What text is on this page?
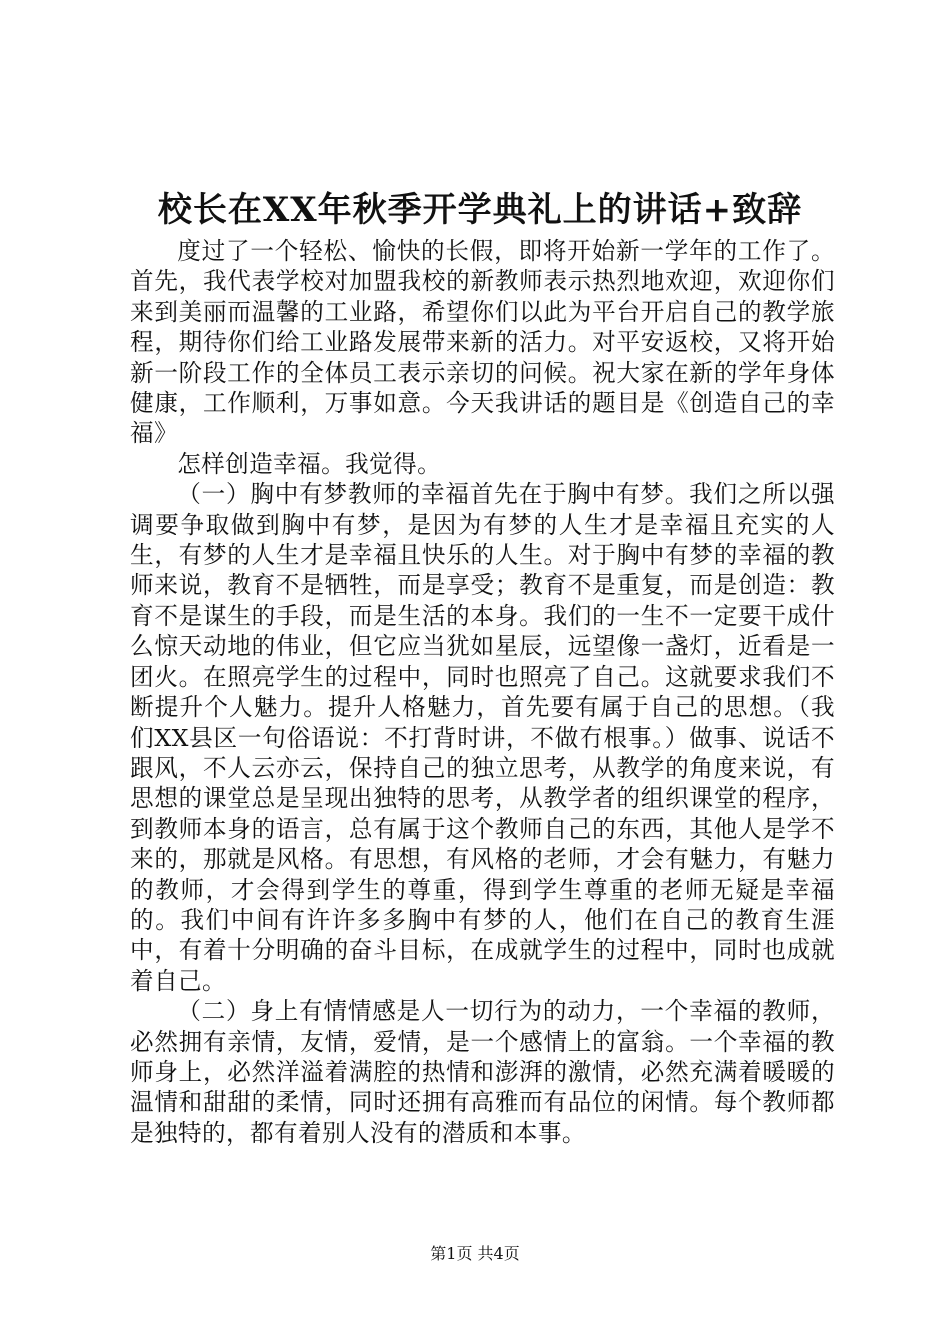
校长在XX年秋季开学典礼上的讲话+致辞

度过了一个轻松、愉快的长假，即将开始新一学年的工作了。首先，我代表学校对加盟我校的新教师表示热烈地欢迎，欢迎你们来到美丽而温馨的工业路，希望你们以此为平台开启自己的教学旅程，期待你们给工业路发展带来新的活力。对平安返校，又将开始新一阶段工作的全体员工表示亲切的问候。祝大家在新的学年身体健康，工作顺利，万事如意。今天我讲话的题目是《创造自己的幸福》

怎样创造幸福。我觉得。

（一）胸中有梦教师的幸福首先在于胸中有梦。我们之所以强调要争取做到胸中有梦，是因为有梦的人生才是幸福且充实的人生，有梦的人生才是幸福且快乐的人生。对于胸中有梦的幸福的教师来说，教育不是牺牲，而是享受；教育不是重复，而是创造：教育不是谋生的手段，而是生活的本身。我们的一生不一定要干成什么惊天动地的伟业，但它应当犹如星辰，远望像一盏灯，近看是一团火。在照亮学生的过程中，同时也照亮了自己。这就要求我们不断提升个人魅力。提升人格魅力，首先要有属于自己的思想。（我们XX县区一句俗语说：不打背时讲，不做冇根事。）做事、说话不跟风，不人云亦云，保持自己的独立思考，从教学的角度来说，有思想的课堂总是呈现出独特的思考，从教学者的组织课堂的程序，到教师本身的语言，总有属于这个教师自己的东西，其他人是学不来的，那就是风格。有思想，有风格的老师，才会有魅力，有魅力的教师，才会得到学生的尊重，得到学生尊重的老师无疑是幸福的。我们中间有许许多多胸中有梦的人，他们在自己的教育生涯中，有着十分明确的奋斗目标，在成就学生的过程中，同时也成就着自己。

（二）身上有情情感是人一切行为的动力，一个幸福的教师，必然拥有亲情，友情，爱情，是一个感情上的富翁。一个幸福的教师身上，必然洋溢着满腔的热情和澎湃的激情，必然充满着暖暖的温情和甜甜的柔情，同时还拥有高雅而有品位的闲情。每个教师都是独特的，都有着别人没有的潜质和本事。

第1页 共4页
